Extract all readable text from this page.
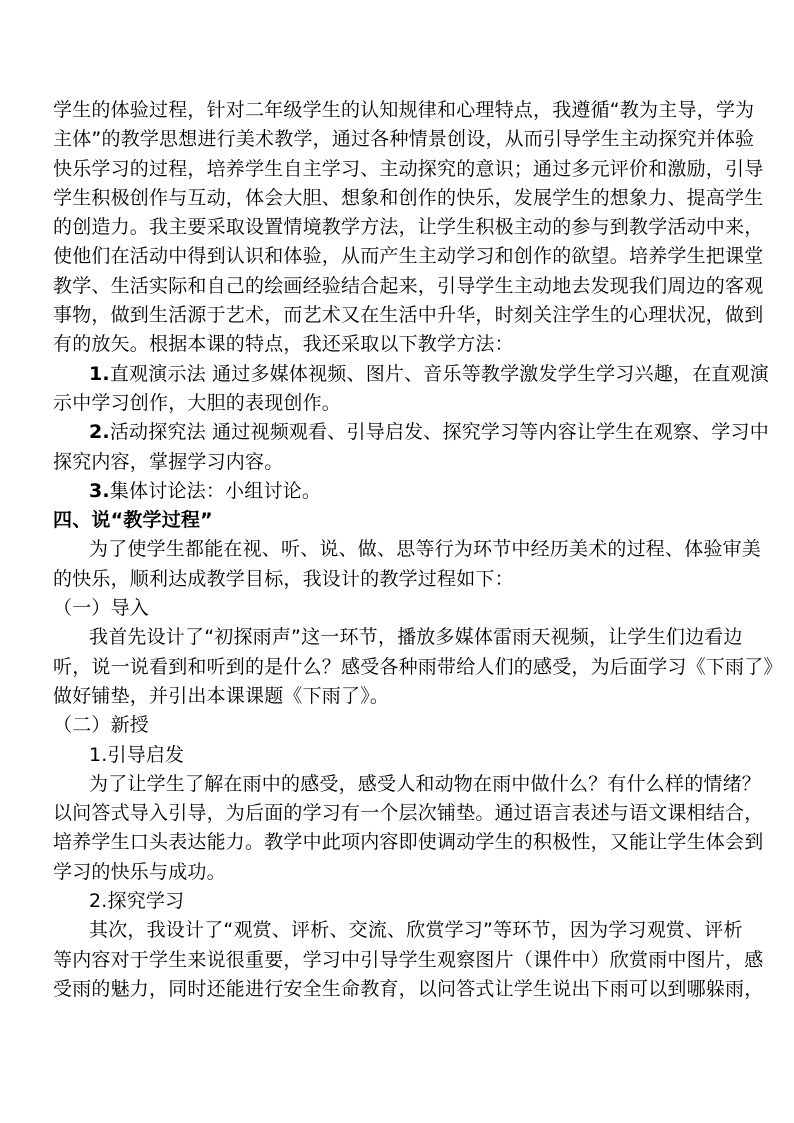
学生的体验过程，针对二年级学生的认知规律和心理特点，我遵循“教为主导，学为
主体”的教学思想进行美术教学，通过各种情景创设，从而引导学生主动探究并体验
快乐学习的过程，培养学生自主学习、主动探究的意识；通过多元评价和激励，引导
学生积极创作与互动，体会大胆、想象和创作的快乐，发展学生的想象力、提高学生
的创造力。我主要采取设置情境教学方法，让学生积极主动的参与到教学活动中来，
使他们在活动中得到认识和体验，从而产生主动学习和创作的欲望。培养学生把课堂
教学、生活实际和自己的绘画经验结合起来，引导学生主动地去发现我们周边的客观
事物，做到生活源于艺术，而艺术又在生活中升华，时刻关注学生的心理状况，做到
有的放矢。根据本课的特点，我还采取以下教学方法：
1.直观演示法 通过多媒体视频、图片、音乐等教学激发学生学习兴趣，在直观演
示中学习创作，大胆的表现创作。
2.活动探究法 通过视频观看、引导启发、探究学习等内容让学生在观察、学习中
探究内容，掌握学习内容。
3.集体讨论法：小组讨论。
四、说“教学过程”
为了使学生都能在视、听、说、做、思等行为环节中经历美术的过程、体验审美
的快乐，顺利达成教学目标，我设计的教学过程如下：
（一）导入
我首先设计了“初探雨声”这一环节，播放多媒体雷雨天视频，让学生们边看边
听，说一说看到和听到的是什么？感受各种雨带给人们的感受，为后面学习《下雨了》
做好铺垫，并引出本课课题《下雨了》。
（二）新授
1.引导启发
为了让学生了解在雨中的感受，感受人和动物在雨中做什么？有什么样的情绪？
以问答式导入引导，为后面的学习有一个层次铺垫。通过语言表述与语文课相结合，
培养学生口头表达能力。教学中此项内容即使调动学生的积极性，又能让学生体会到
学习的快乐与成功。
2.探究学习
其次，我设计了“观赏、评析、交流、欣赏学习”等环节，因为学习观赏、评析
等内容对于学生来说很重要，学习中引导学生观察图片（课件中）欣赏雨中图片，感
受雨的魅力，同时还能进行安全生命教育，以问答式让学生说出下雨可以到哪躲雨，
